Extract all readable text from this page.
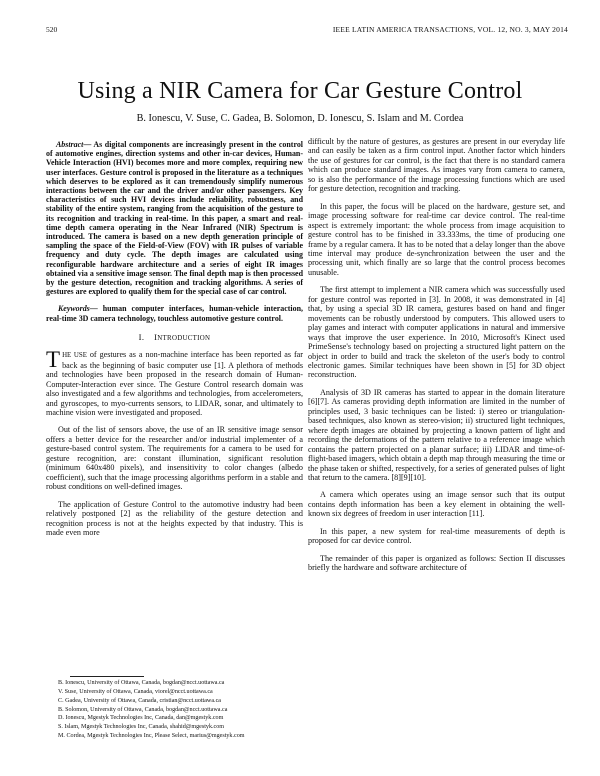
520	IEEE LATIN AMERICA TRANSACTIONS, VOL. 12, NO. 3, MAY 2014
Using a NIR Camera for Car Gesture Control
B. Ionescu, V. Suse, C. Gadea, B. Solomon, D. Ionescu, S. Islam and M. Cordea

Abstract— As digital components are increasingly present in the control of automotive engines, direction systems and other in-car devices, Human-Vehicle Interaction (HVI) becomes more and more complex, requiring new user interfaces. Gesture control is proposed in the literature as a techniques which deserves to be explored as it can tremendously simplify numerous interactions between the car and the driver and/or other passengers. Key characteristics of such HVI devices include reliability, robustness, and stability of the entire system, ranging from the acquisition of the gesture to its recognition and tracking in real-time. In this paper, a smart and real-time depth camera operating in the Near Infrared (NIR) Spectrum is introduced. The camera is based on a new depth generation principle of sampling the space of the Field-of-View (FOV) with IR pulses of variable frequency and duty cycle. The depth images are calculated using reconfigurable hardware architecture and a series of eight IR images obtained via a sensitive image sensor. The final depth map is then processed by the gesture detection, recognition and tracking algorithms. A series of gestures are explored to qualify them for the special case of car control.

Keywords— human computer interfaces, human-vehicle interaction, real-time 3D camera technology, touchless automotive gesture control.

I. INTRODUCTION

THE USE of gestures as a non-machine interface has been reported as far back as the beginning of basic computer use [1]. A plethora of methods and technologies have been proposed in the research domain of Human-Computer-Interaction ever since. The Gesture Control research domain was also investigated and a few algorithms and technologies, from accelerometers, and gyroscopes, to myo-currents sensors, to LIDAR, sonar, and ultimately to machine vision were investigated and proposed.

Out of the list of sensors above, the use of an IR sensitive image sensor offers a better device for the researcher and/or industrial implementer of a gesture-based control system. The requirements for a camera to be used for gesture recognition, are: constant illumination, significant resolution (minimum 640x480 pixels), and insensitivity to color changes (albedo coefficient), such that the image processing algorithms perform in a stable and robust conditions on well-defined images.

The application of Gesture Control to the automotive industry had been relatively postponed [2] as the reliability of the gesture detection and recognition process is not at the heights expected by that industry. This is made even more

B. Ionescu, University of Ottawa, Canada, bogdan@ncct.uottawa.ca
V. Suse, University of Ottawa, Canada, viorel@ncct.uottawa.ca
C. Gadea, University of Ottawa, Canada, cristian@ncct.uottawa.ca
B. Solomon, University of Ottawa, Canada, bogdan@ncct.uottawa.ca
D. Ionescu, Mgestyk Technologies Inc, Canada, dan@mgestyk.com
S. Islam, Mgestyk Technologies Inc, Canada, shahid@mgestyk.com
M. Cordea, Mgestyk Technologies Inc, Please Select, marius@mgestyk.com

difficult by the nature of gestures, as gestures are present in our everyday life and can easily be taken as a firm control input. Another factor which hinders the use of gestures for car control, is the fact that there is no standard camera which can produce standard images. As images vary from camera to camera, so is also the performance of the image processing functions which are used for gesture detection, recognition and tracking.

In this paper, the focus will be placed on the hardware, gesture set, and image processing software for real-time car device control. The real-time aspect is extremely important: the whole process from image acquisition to gesture control has to be finished in 33.333ms, the time of producing one frame by a regular camera. It has to be noted that a delay longer than the above time interval may produce de-synchronization between the user and the processing unit, which finally are so large that the control process becomes unusable.

The first attempt to implement a NIR camera which was successfully used for gesture control was reported in [3]. In 2008, it was demonstrated in [4] that, by using a special 3D IR camera, gestures based on hand and finger movements can be robustly understood by computers. This allowed users to play games and interact with computer applications in natural and immersive ways that improve the user experience. In 2010, Microsoft's Kinect used PrimeSense's technology based on projecting a structured light pattern on the object in order to build and track the skeleton of the user's body to control electronic games. Similar techniques have been shown in [5] for 3D object reconstruction.

Analysis of 3D IR cameras has started to appear in the domain literature [6][7]. As cameras providing depth information are limited in the number of principles used, 3 basic techniques can be listed: i) stereo or triangulation-based techniques, also known as stereo-vision; ii) structured light techniques, where depth images are obtained by projecting a known pattern of light and recording the deformations of the pattern relative to a reference image which contains the pattern projected on a planar surface; iii) LIDAR and time-of-flight-based imagers, which obtain a depth map through measuring the time or the phase taken or shifted, respectively, for a series of generated pulses of light that return to the camera. [8][9][10].

A camera which operates using an image sensor such that its output contains depth information has been a key element in obtaining the well-known six degrees of freedom in user interaction [11].

In this paper, a new system for real-time measurements of depth is proposed for car device control.

The remainder of this paper is organized as follows: Section II discusses briefly the hardware and software architecture of
